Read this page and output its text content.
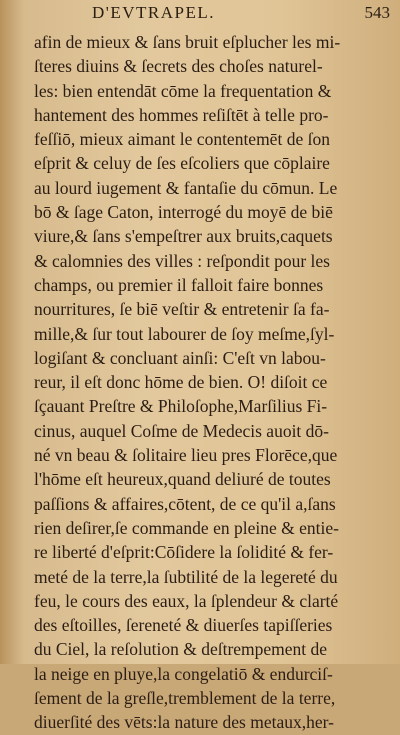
D'EVTRAPEL.	543
afin de mieux & ſans bruit eſplucher les mi-
ſteres diuins & ſecrets des choſes naturel-
les: bien entendāt cōme la frequentation &
hantement des hommes reſiſtēt à telle pro-
feſſiō, mieux aimant le contentemēt de ſon
eſprit & celuy de ſes eſcoliers que cōplaire
au lourd iugement & fantaſie du cōmun. Le
bō & ſage Caton, interrogé du moyē de biē
viure,& ſans s'empeſtrer aux bruits,caquets
& calomnies des villes : reſpondit pour les
champs, ou premier il falloit faire bonnes
nourritures, ſe biē veſtir & entretenir ſa fa-
mille,& ſur tout labourer de ſoy meſme,ſyl-
logiſant & concluant ainſi: C'eſt vn labou-
reur, il eſt donc hōme de bien. O! diſoit ce
ſçauant Preſtre & Philoſophe,Marſilius Fi-
cinus, auquel Coſme de Medecis auoit dō-
né vn beau & ſolitaire lieu pres Florēce,que
l'hōme eſt heureux,quand deliuré de toutes
paſſions & affaires,cōtent, de ce qu'il a,ſans
rien deſirer,ſe commande en pleine & entie-
re liberté d'eſprit:Cōſidere la ſolidité & fer-
meté de la terre,la ſubtilité de la legereté du
feu, le cours des eaux, la ſplendeur & clarté
des eſtoilles, ſereneté & diuerſes tapiſſeries
du Ciel, la reſolution & deſtrempement de
la neige en pluye,la congelatiō & endurciſ-
ſement de la greſle,tremblement de la terre,
diuerſité des vēts:la nature des metaux,her-
